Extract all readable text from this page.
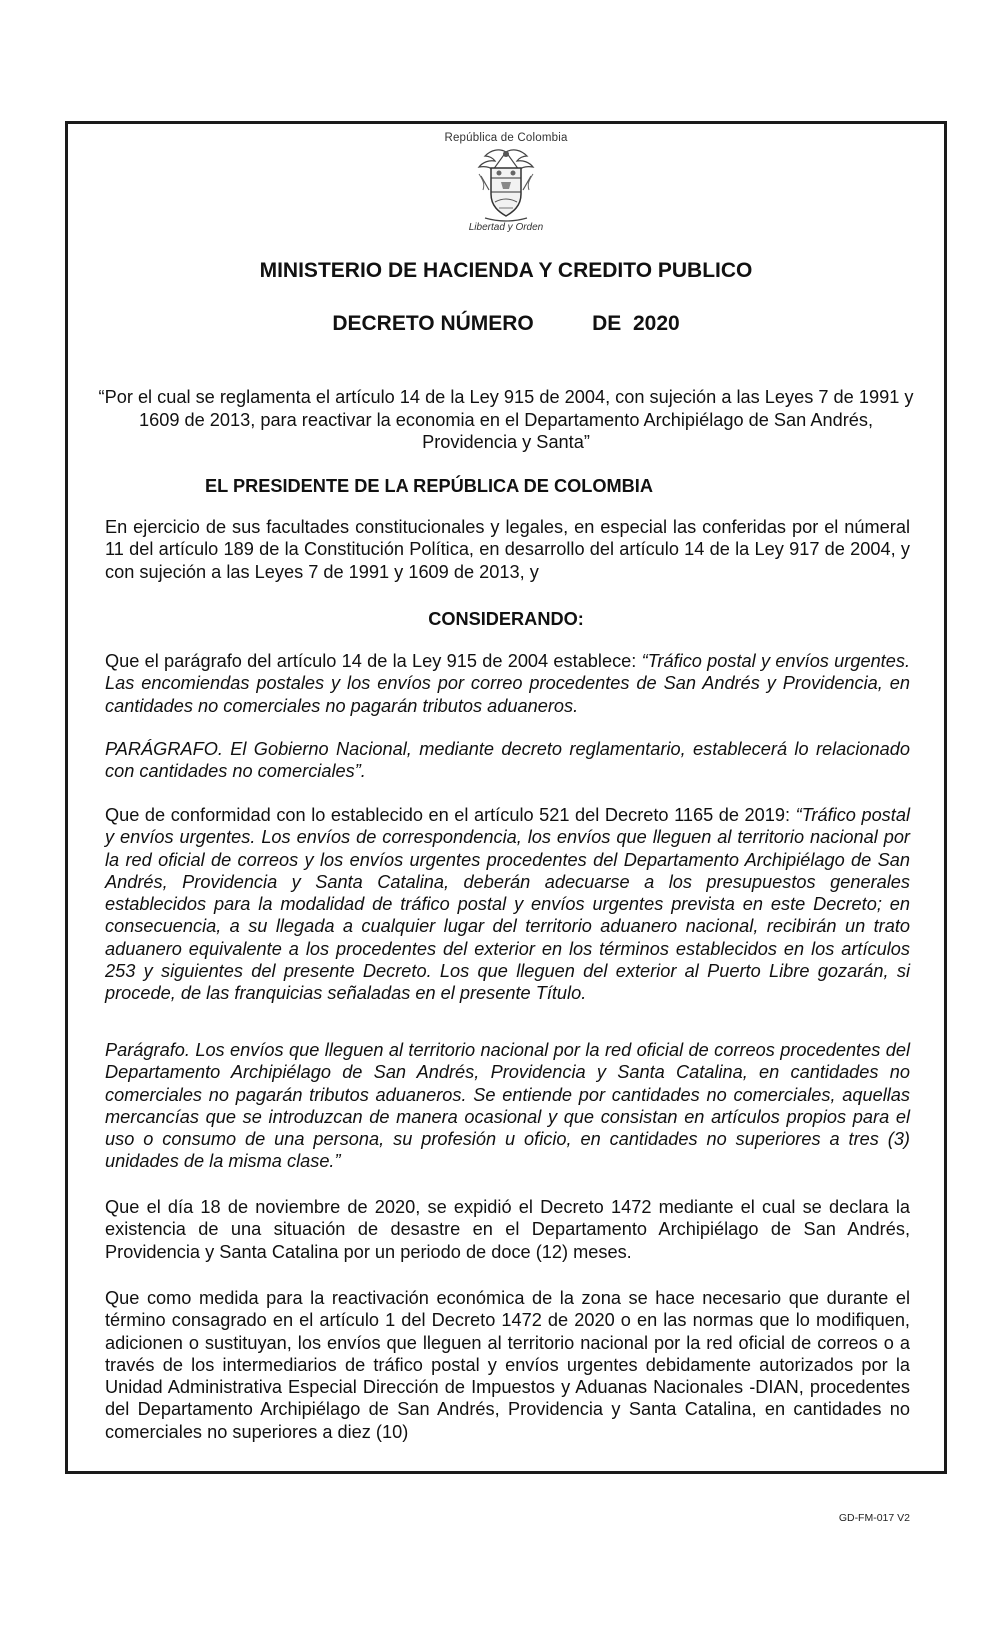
República de Colombia
Libertad y Orden
MINISTERIO DE HACIENDA Y CREDITO PUBLICO
DECRETO NÚMERO          DE  2020
“Por el cual se reglamenta el artículo 14 de la Ley 915 de 2004, con sujeción a las Leyes 7 de 1991 y 1609 de 2013, para reactivar la economia en el Departamento Archipiélago de San Andrés, Providencia y Santa”
EL PRESIDENTE DE LA REPÚBLICA DE COLOMBIA
En ejercicio de sus facultades constitucionales y legales, en especial las conferidas por el númeral 11 del artículo 189 de la Constitución Política, en desarrollo del artículo 14 de la Ley 917 de 2004, y con sujeción a las Leyes 7 de 1991 y 1609 de 2013, y
CONSIDERANDO:
Que el parágrafo del artículo 14 de la Ley 915 de 2004 establece: “Tráfico postal y envíos urgentes. Las encomiendas postales y los envíos por correo procedentes de San Andrés y Providencia, en cantidades no comerciales no pagarán tributos aduaneros.
PARÁGRAFO. El Gobierno Nacional, mediante decreto reglamentario, establecerá lo relacionado con cantidades no comerciales”.
Que de conformidad con lo establecido en el artículo 521 del Decreto 1165 de 2019: “Tráfico postal y envíos urgentes. Los envíos de correspondencia, los envíos que lleguen al territorio nacional por la red oficial de correos y los envíos urgentes procedentes del Departamento Archipiélago de San Andrés, Providencia y Santa Catalina, deberán adecuarse a los presupuestos generales establecidos para la modalidad de tráfico postal y envíos urgentes prevista en este Decreto; en consecuencia, a su llegada a cualquier lugar del territorio aduanero nacional, recibirán un trato aduanero equivalente a los procedentes del exterior en los términos establecidos en los artículos 253 y siguientes del presente Decreto. Los que lleguen del exterior al Puerto Libre gozarán, si procede, de las franquicias señaladas en el presente Título.
Parágrafo. Los envíos que lleguen al territorio nacional por la red oficial de correos procedentes del Departamento Archipiélago de San Andrés, Providencia y Santa Catalina, en cantidades no comerciales no pagarán tributos aduaneros. Se entiende por cantidades no comerciales, aquellas mercancías que se introduzcan de manera ocasional y que consistan en artículos propios para el uso o consumo de una persona, su profesión u oficio, en cantidades no superiores a tres (3) unidades de la misma clase.”
Que el día 18 de noviembre de 2020, se expidió el Decreto 1472 mediante el cual se declara la existencia de una situación de desastre en el Departamento Archipiélago de San Andrés, Providencia y Santa Catalina por un periodo de doce (12) meses.
Que como medida para la reactivación económica de la zona se hace necesario que durante el término consagrado en el artículo 1 del Decreto 1472 de 2020 o en las normas que lo modifiquen, adicionen o sustituyan, los envíos que lleguen al territorio nacional por la red oficial de correos o a través de los intermediarios de tráfico postal y envíos urgentes debidamente autorizados por la Unidad Administrativa Especial Dirección de Impuestos y Aduanas Nacionales -DIAN, procedentes del Departamento Archipiélago de San Andrés, Providencia y Santa Catalina, en cantidades no comerciales no superiores a diez (10)
GD-FM-017 V2
